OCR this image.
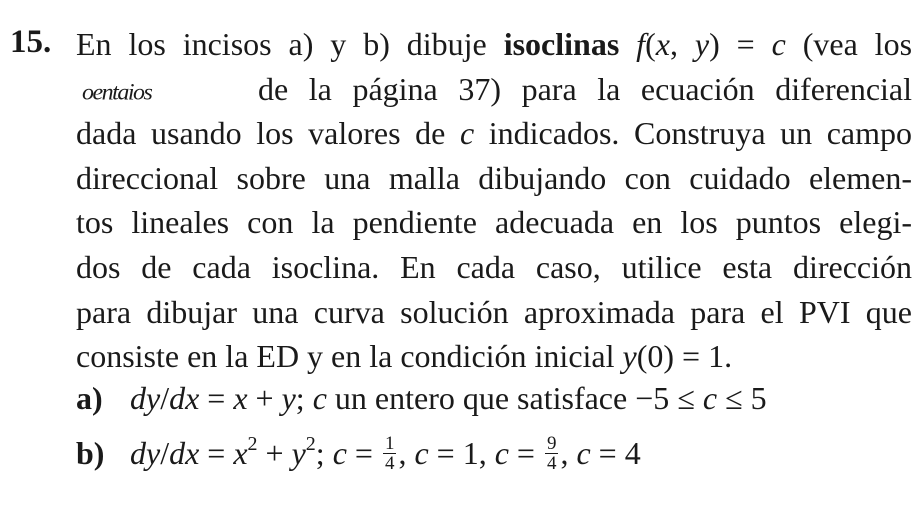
15. En los incisos a) y b) dibuje isoclinas f(x, y) = c (vea los
oentaios	de la página 37) para la ecuación diferencial
dada usando los valores de c indicados. Construya un campo
direccional sobre una malla dibujando con cuidado elemen-
tos lineales con la pendiente adecuada en los puntos elegi-
dos de cada isoclina. En cada caso, utilice esta dirección
para dibujar una curva solución aproximada para el PVI que
consiste en la ED y en la condición inicial y(0) = 1.
a) dy/dx = x + y; c un entero que satisface −5 ≤ c ≤ 5
b) $dy/dx = x^2 + y^2$; $c = \frac{1}{4}$ , c = 1, $c = \frac{9}{4}$ , c = 4
